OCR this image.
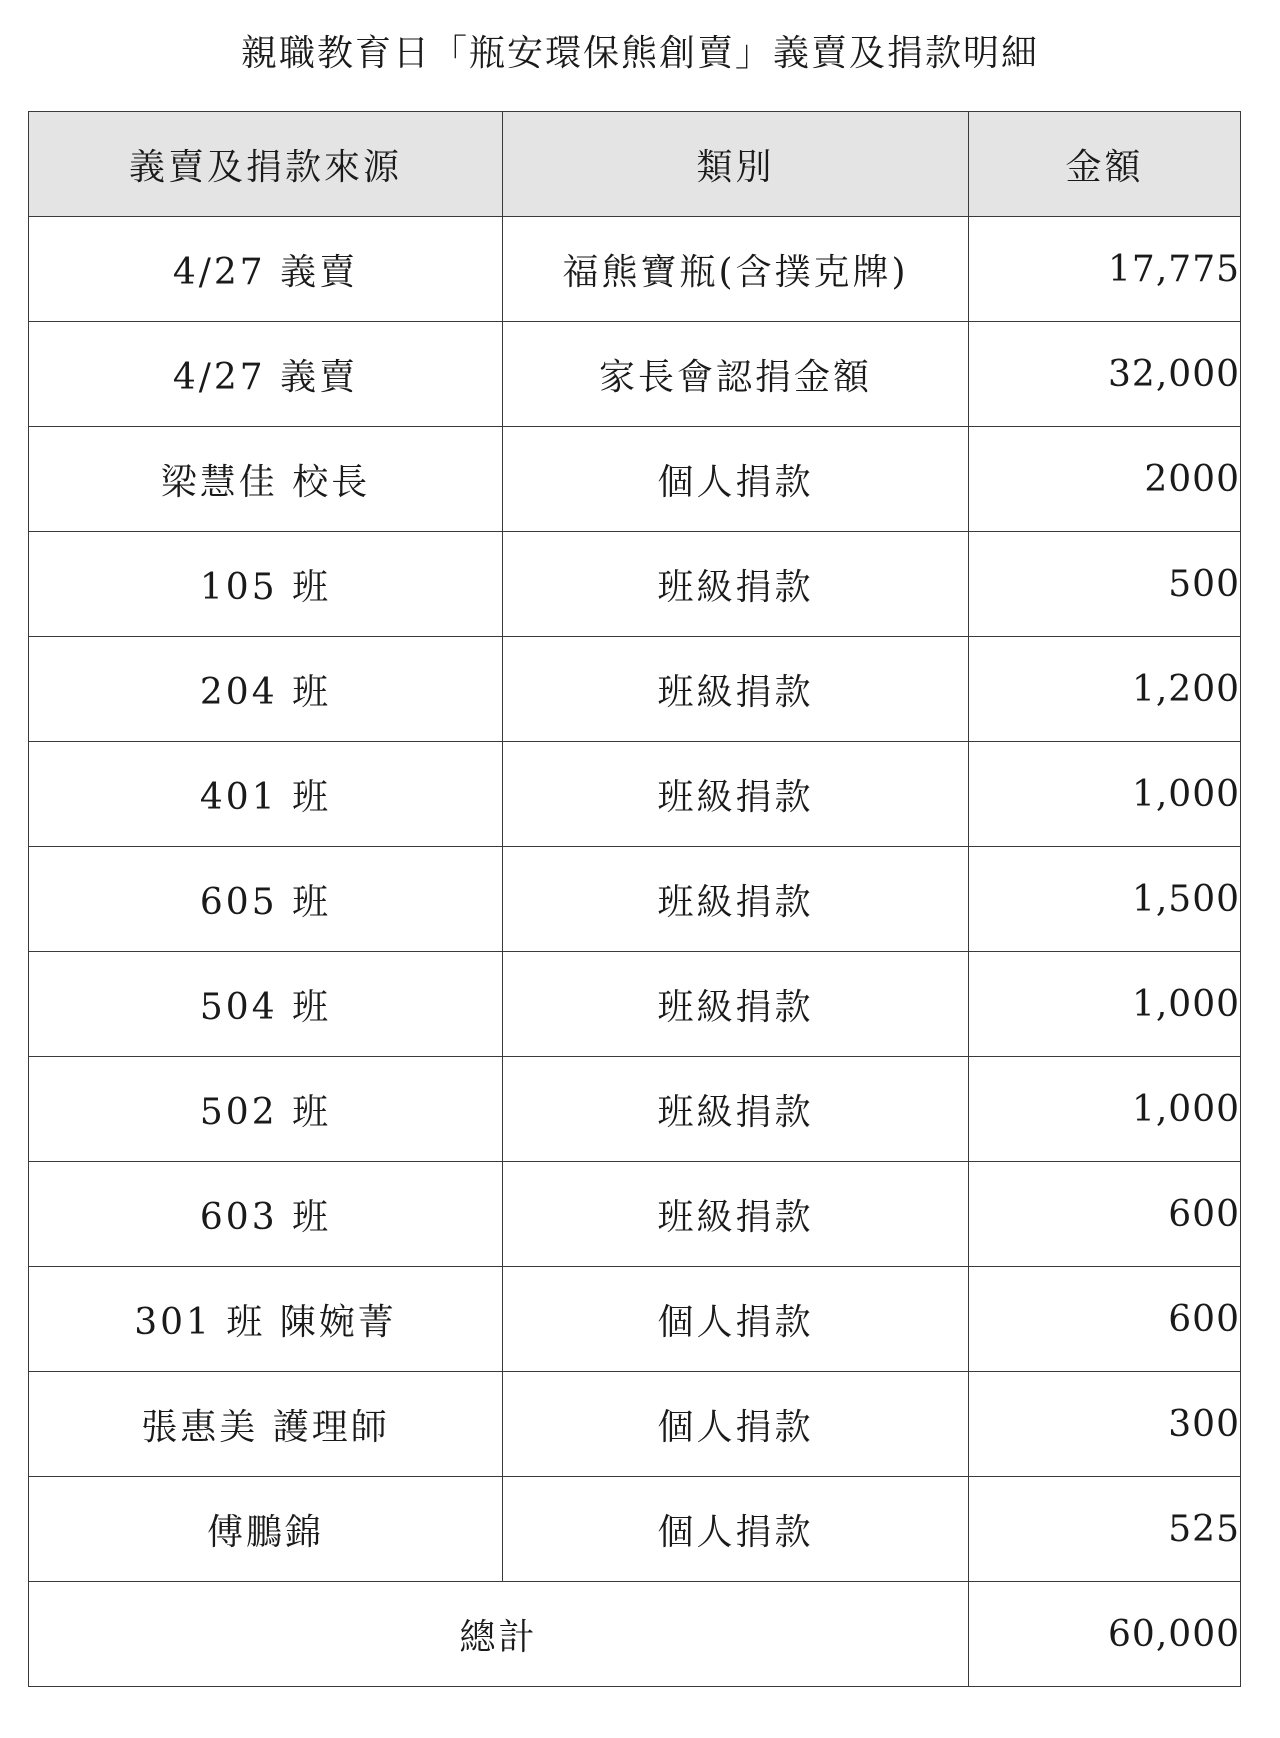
親職教育日「瓶安環保熊創賣」義賣及捐款明細
義賣及捐款來源	類別	金額
4/27 義賣	福熊寶瓶(含撲克牌)	17,775
4/27 義賣	家長會認捐金額	32,000
梁慧佳 校長	個人捐款	2000
105 班	班級捐款	500
204 班	班級捐款	1,200
401 班	班級捐款	1,000
605 班	班級捐款	1,500
504 班	班級捐款	1,000
502 班	班級捐款	1,000
603 班	班級捐款	600
301 班 陳婉菁	個人捐款	600
張惠美 護理師	個人捐款	300
傅鵬錦	個人捐款	525
總計		60,000
